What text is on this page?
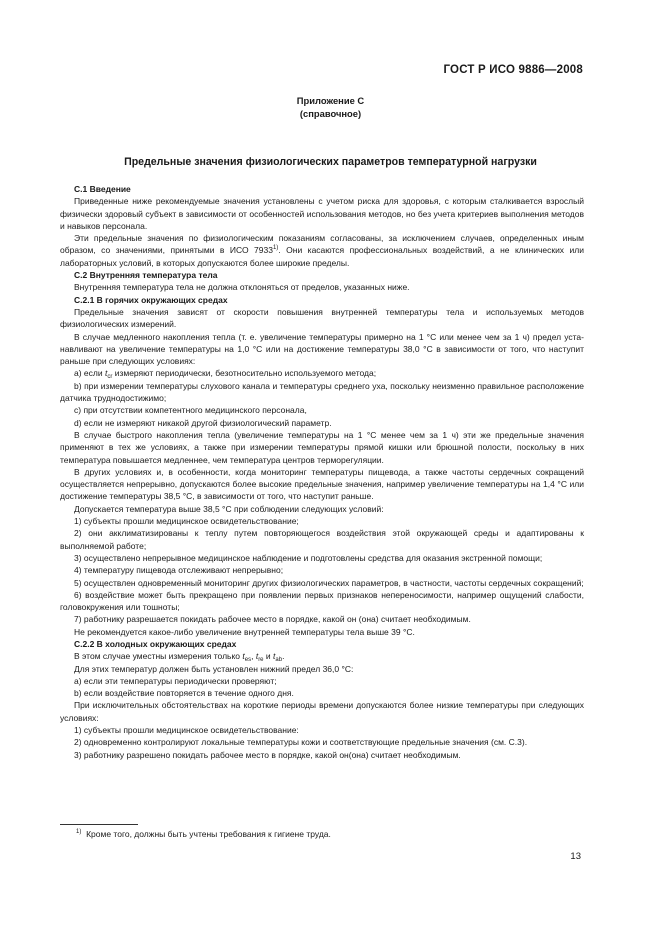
ГОСТ Р ИСО 9886—2008
Приложение С
(справочное)
Предельные значения физиологических параметров температурной нагрузки

С.1 Введение

Приведенные ниже рекомендуемые значения установлены с учетом риска для здоровья, с которым сталкивается взрослый физически здоровый субъект в зависимости от особенностей использования методов, но без учета критериев выполнения методов и навыков персонала.

Эти предельные значения по физиологическим показаниям согласованы, за исключением случаев, определенных иным образом, со значениями, принятыми в ИСО 7933$^{1)}$. Они касаются профессиональных воздействий, а не клинических или лабораторных условий, в которых допускаются более широкие пределы.

С.2 Внутренняя температура тела

Внутренняя температура тела не должна отклоняться от пределов, указанных ниже.

С.2.1 В горячих окружающих средах

Предельные значения зависят от скорости повышения внутренней температуры тела и используемых методов физиологических измерений.

В случае медленного накопления тепла (т. е. увеличение температуры примерно на 1 °С или менее чем за 1 ч) предел устанавливают на увеличение температуры на 1,0 °С или на достижение температуры 38,0 °С в зависимости от того, что наступит раньше при следующих условиях:

а) если $t_{cr}$ измеряют периодически, безотносительно используемого метода;

b) при измерении температуры слухового канала и температуры среднего уха, поскольку неизменно правильное расположение датчика труднодостижимо;

с) при отсутствии компетентного медицинского персонала,

d) если не измеряют никакой другой физиологический параметр.

В случае быстрого накопления тепла (увеличение температуры на 1 °С менее чем за 1 ч) эти же предельные значения применяют в тех же условиях, а также при измерении температуры прямой кишки или брюшной полости, поскольку в них температура повышается медленнее, чем температура центров терморегуляции.

В других условиях и, в особенности, когда мониторинг температуры пищевода, а также частоты сердечных сокращений осуществляется непрерывно, допускаются более высокие предельные значения, например увеличение температуры на 1,4 °С или достижение температуры 38,5 °С, в зависимости от того, что наступит раньше.

Допускается температура выше 38,5 °С при соблюдении следующих условий:

1) субъекты прошли медицинское освидетельствование;

2) они акклиматизированы к теплу путем повторяющегося воздействия этой окружающей среды и адаптированы к выполняемой работе;

3) осуществлено непрерывное медицинское наблюдение и подготовлены средства для оказания экстренной помощи;

4) температуру пищевода отслеживают непрерывно;

5) осуществлен одновременный мониторинг других физиологических параметров, в частности, частоты сердечных сокращений;

6) воздействие может быть прекращено при появлении первых признаков непереносимости, например ощущений слабости, головокружения или тошноты;

7) работнику разрешается покидать рабочее место в порядке, какой он (она) считает необходимым.

Не рекомендуется какое-либо увеличение внутренней температуры тела выше 39 °С.

С.2.2 В холодных окружающих средах

В этом случае уместны измерения только $t_{es}$, $t_{re}$ и $t_{ab}$.

Для этих температур должен быть установлен нижний предел 36,0 °С:

а) если эти температуры периодически проверяют;

b) если воздействие повторяется в течение одного дня.

При исключительных обстоятельствах на короткие периоды времени допускаются более низкие температуры при следующих условиях:

1) субъекты прошли медицинское освидетельствование:

2) одновременно контролируют локальные температуры кожи и соответствующие предельные значения (см. С.3).

3) работнику разрешено покидать рабочее место в порядке, какой он(она) считает необходимым.

$^{1)}$ Кроме того, должны быть учтены требования к гигиене труда.
13
